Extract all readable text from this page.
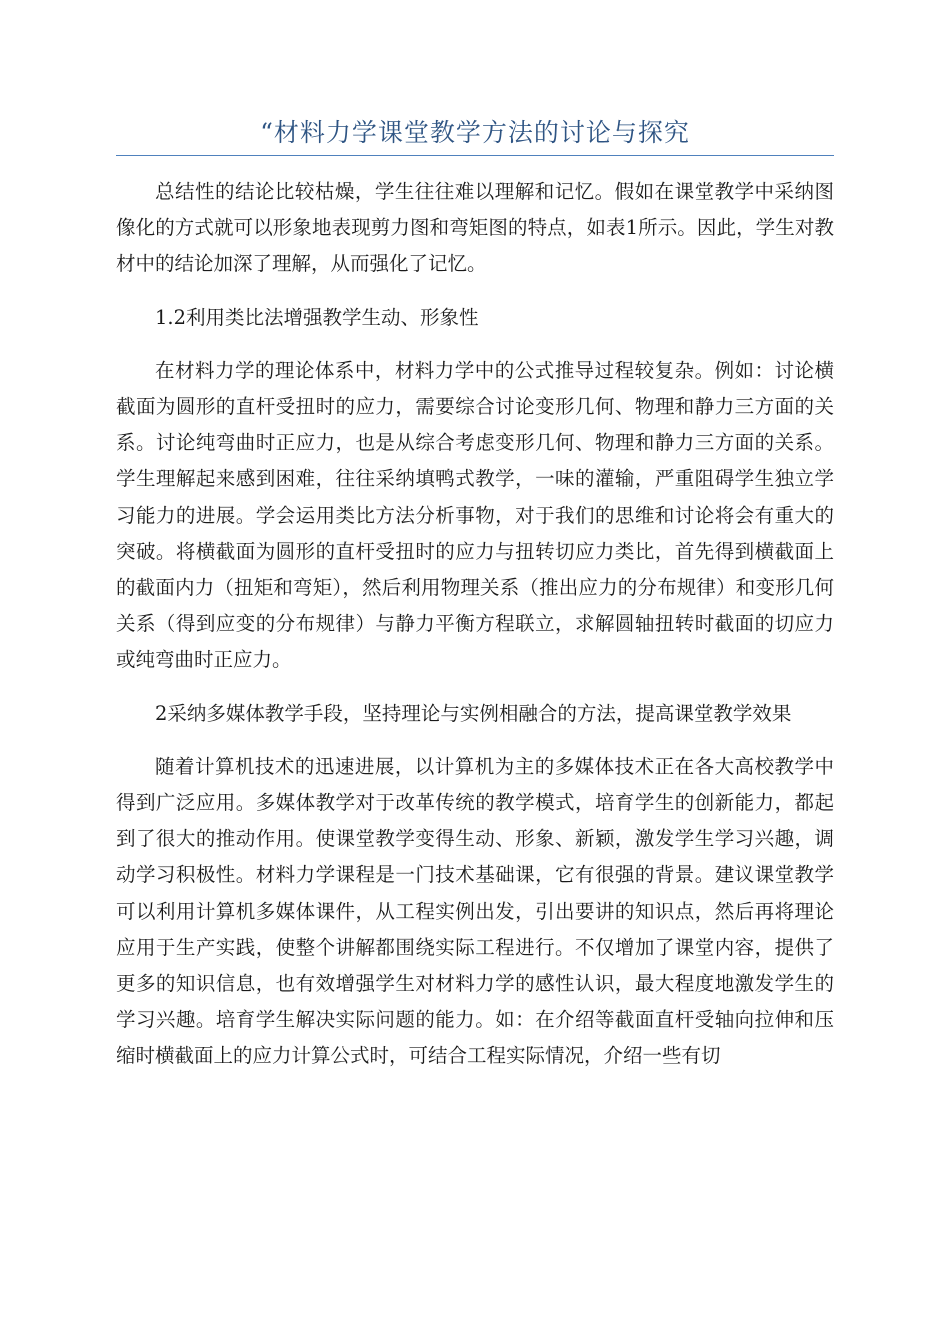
“材料力学课堂教学方法的讨论与探究

总结性的结论比较枯燥，学生往往难以理解和记忆。假如在课堂教学中采纳图像化的方式就可以形象地表现剪力图和弯矩图的特点，如表1所示。因此，学生对教材中的结论加深了理解，从而强化了记忆。

1.2利用类比法增强教学生动、形象性

在材料力学的理论体系中，材料力学中的公式推导过程较复杂。例如：讨论横截面为圆形的直杆受扭时的应力，需要综合讨论变形几何、物理和静力三方面的关系。讨论纯弯曲时正应力，也是从综合考虑变形几何、物理和静力三方面的关系。学生理解起来感到困难，往往采纳填鸭式教学，一味的灌输，严重阻碍学生独立学习能力的进展。学会运用类比方法分析事物，对于我们的思维和讨论将会有重大的突破。将横截面为圆形的直杆受扭时的应力与扭转切应力类比，首先得到横截面上的截面内力（扭矩和弯矩），然后利用物理关系（推出应力的分布规律）和变形几何关系（得到应变的分布规律）与静力平衡方程联立，求解圆轴扭转时截面的切应力或纯弯曲时正应力。

2采纳多媒体教学手段，坚持理论与实例相融合的方法，提高课堂教学效果

随着计算机技术的迅速进展，以计算机为主的多媒体技术正在各大高校教学中得到广泛应用。多媒体教学对于改革传统的教学模式，培育学生的创新能力，都起到了很大的推动作用。使课堂教学变得生动、形象、新颖，激发学生学习兴趣，调动学习积极性。材料力学课程是一门技术基础课，它有很强的背景。建议课堂教学可以利用计算机多媒体课件，从工程实例出发，引出要讲的知识点，然后再将理论应用于生产实践，使整个讲解都围绕实际工程进行。不仅增加了课堂内容，提供了更多的知识信息，也有效增强学生对材料力学的感性认识，最大程度地激发学生的学习兴趣。培育学生解决实际问题的能力。如：在介绍等截面直杆受轴向拉伸和压缩时横截面上的应力计算公式时，可结合工程实际情况，介绍一些有切
